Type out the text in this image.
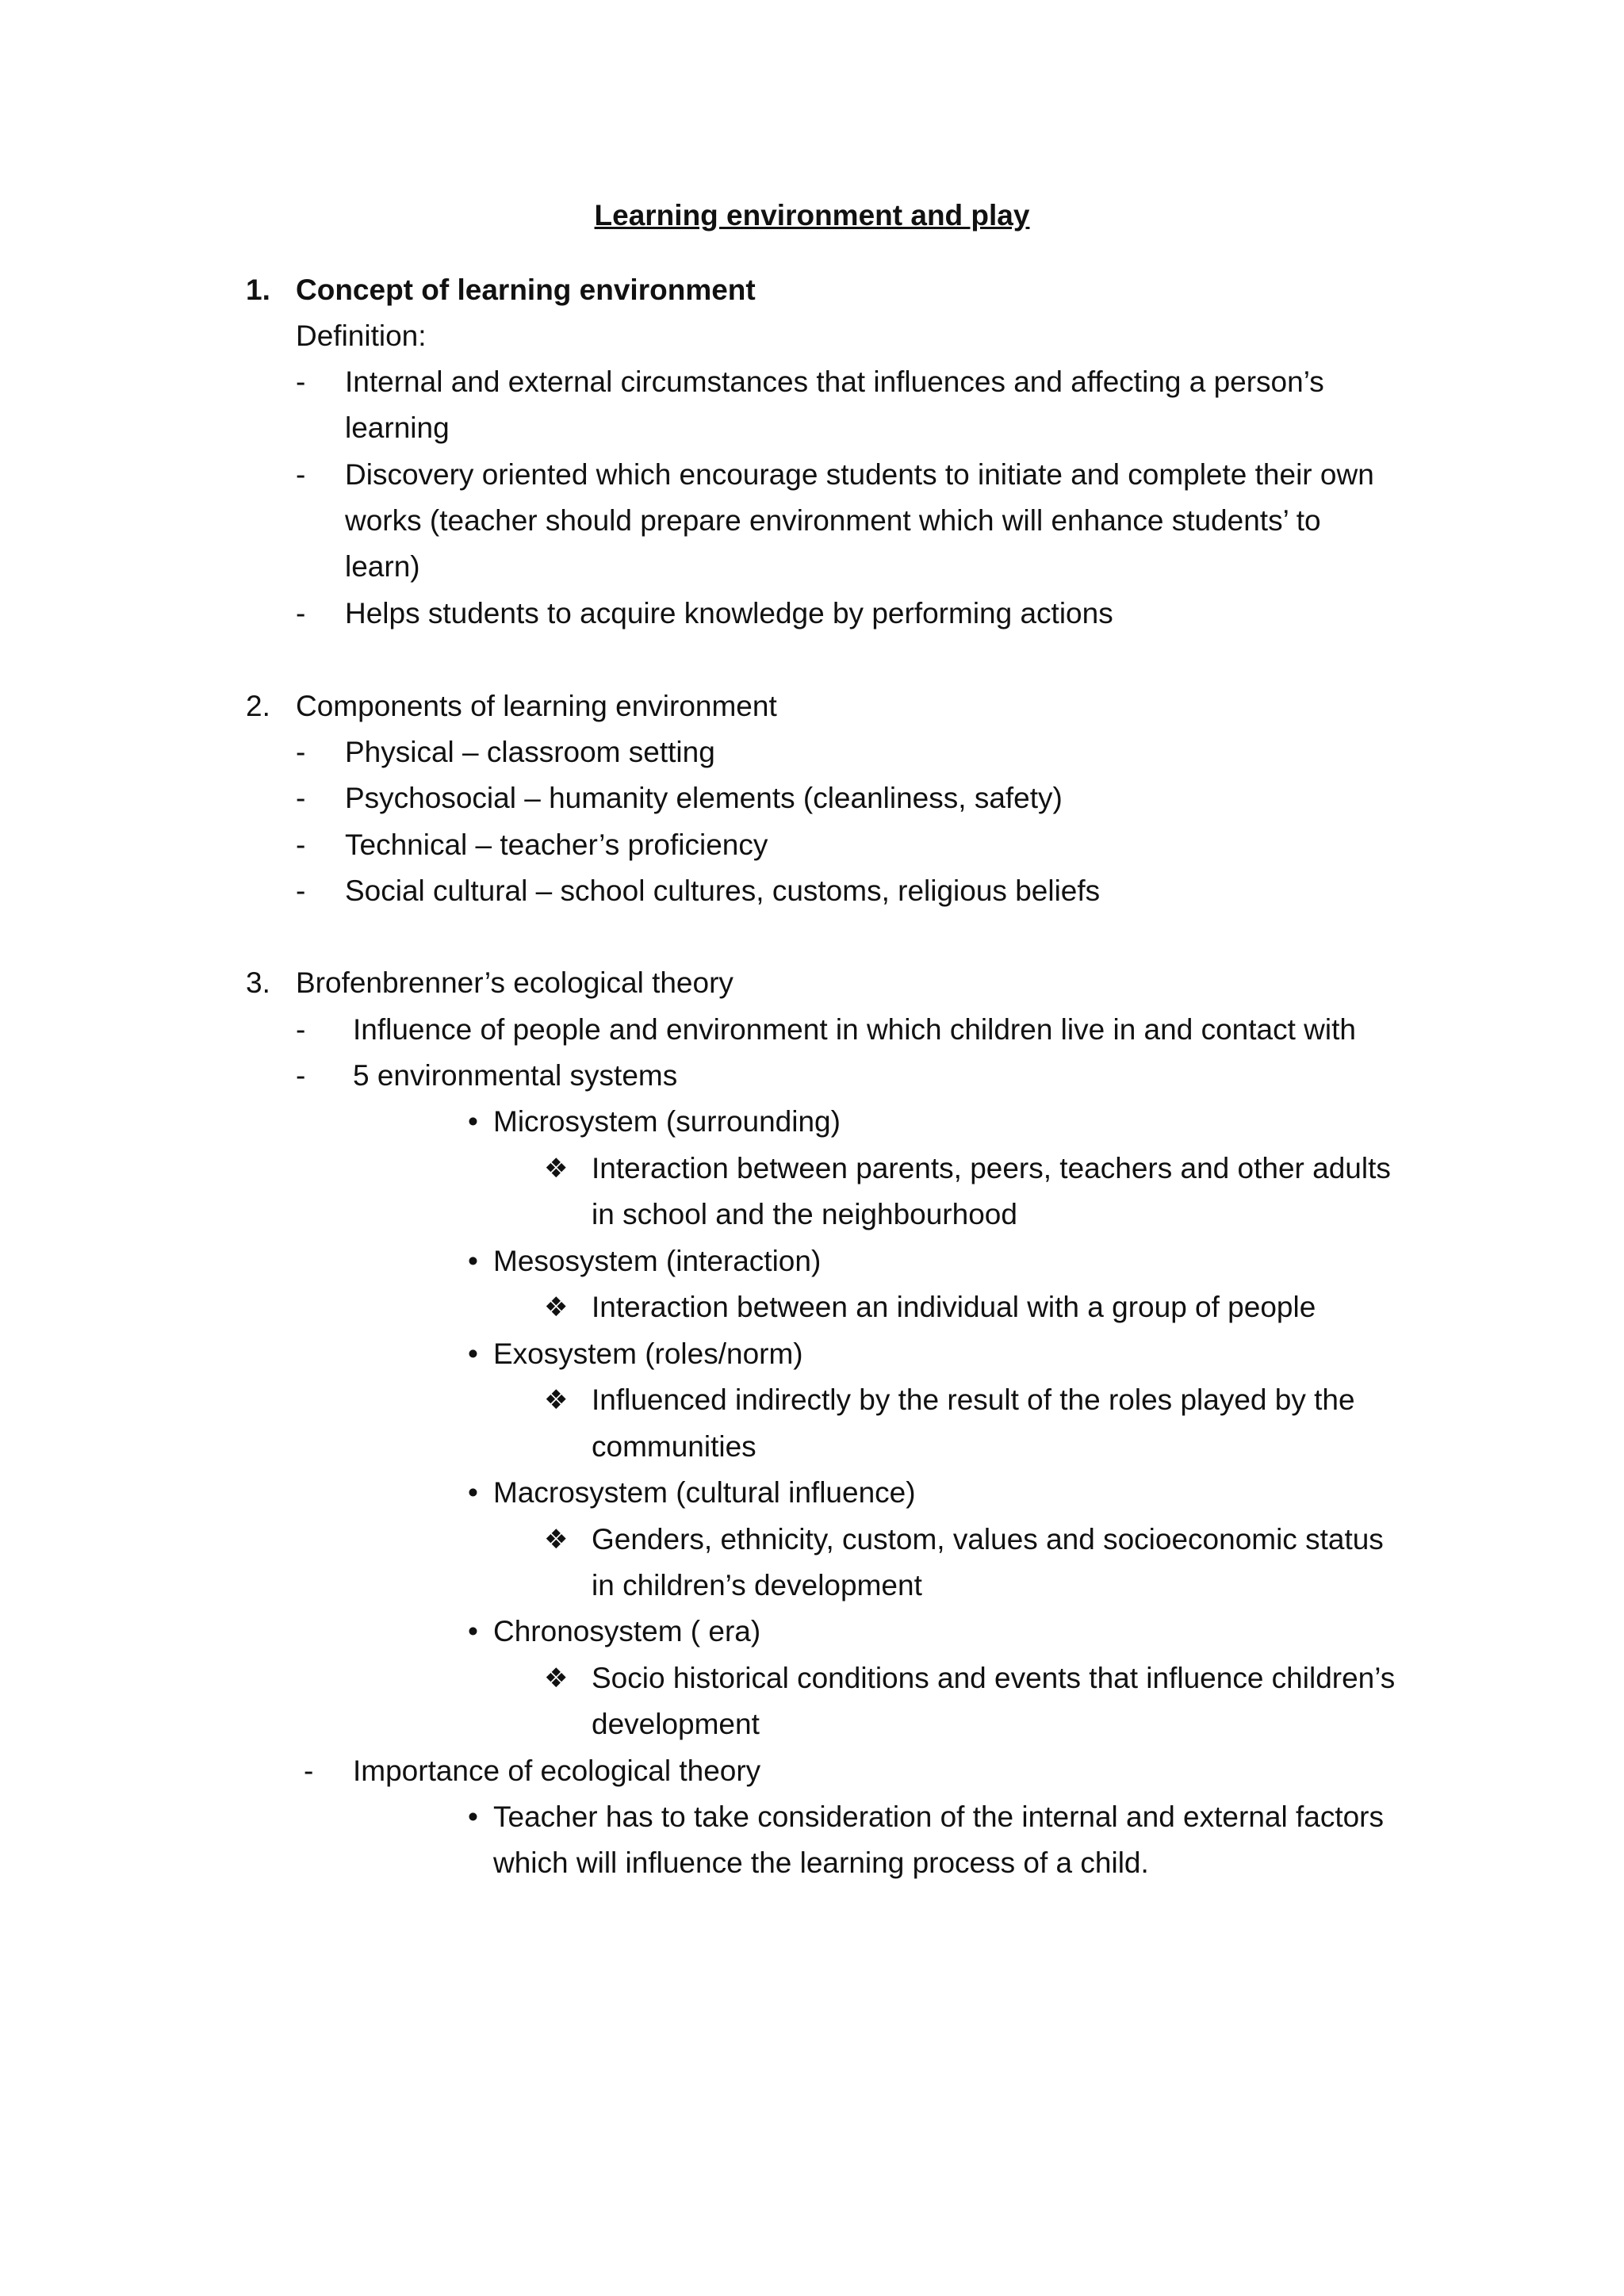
Learning environment and play
1. Concept of learning environment
Definition:
- Internal and external circumstances that influences and affecting a person’s
learning
- Discovery oriented which encourage students to initiate and complete their own
works (teacher should prepare environment which will enhance students’ to
learn)
- Helps students to acquire knowledge by performing actions
2. Components of learning environment
- Physical – classroom setting
- Psychosocial – humanity elements (cleanliness, safety)
- Technical – teacher’s proficiency
- Social cultural – school cultures, customs, religious beliefs
3. Brofenbrenner’s ecological theory
- Influence of people and environment in which children live in and contact with
- 5 environmental systems
• Microsystem (surrounding)
❖ Interaction between parents, peers, teachers and other adults
in school and the neighbourhood
• Mesosystem (interaction)
❖ Interaction between an individual with a group of people
• Exosystem (roles/norm)
❖ Influenced indirectly by the result of the roles played by the
communities
• Macrosystem (cultural influence)
❖ Genders, ethnicity, custom, values and socioeconomic status
in children’s development
• Chronosystem ( era)
❖ Socio historical conditions and events that influence children’s
development
- Importance of ecological theory
• Teacher has to take consideration of the internal and external factors
which will influence the learning process of a child.
